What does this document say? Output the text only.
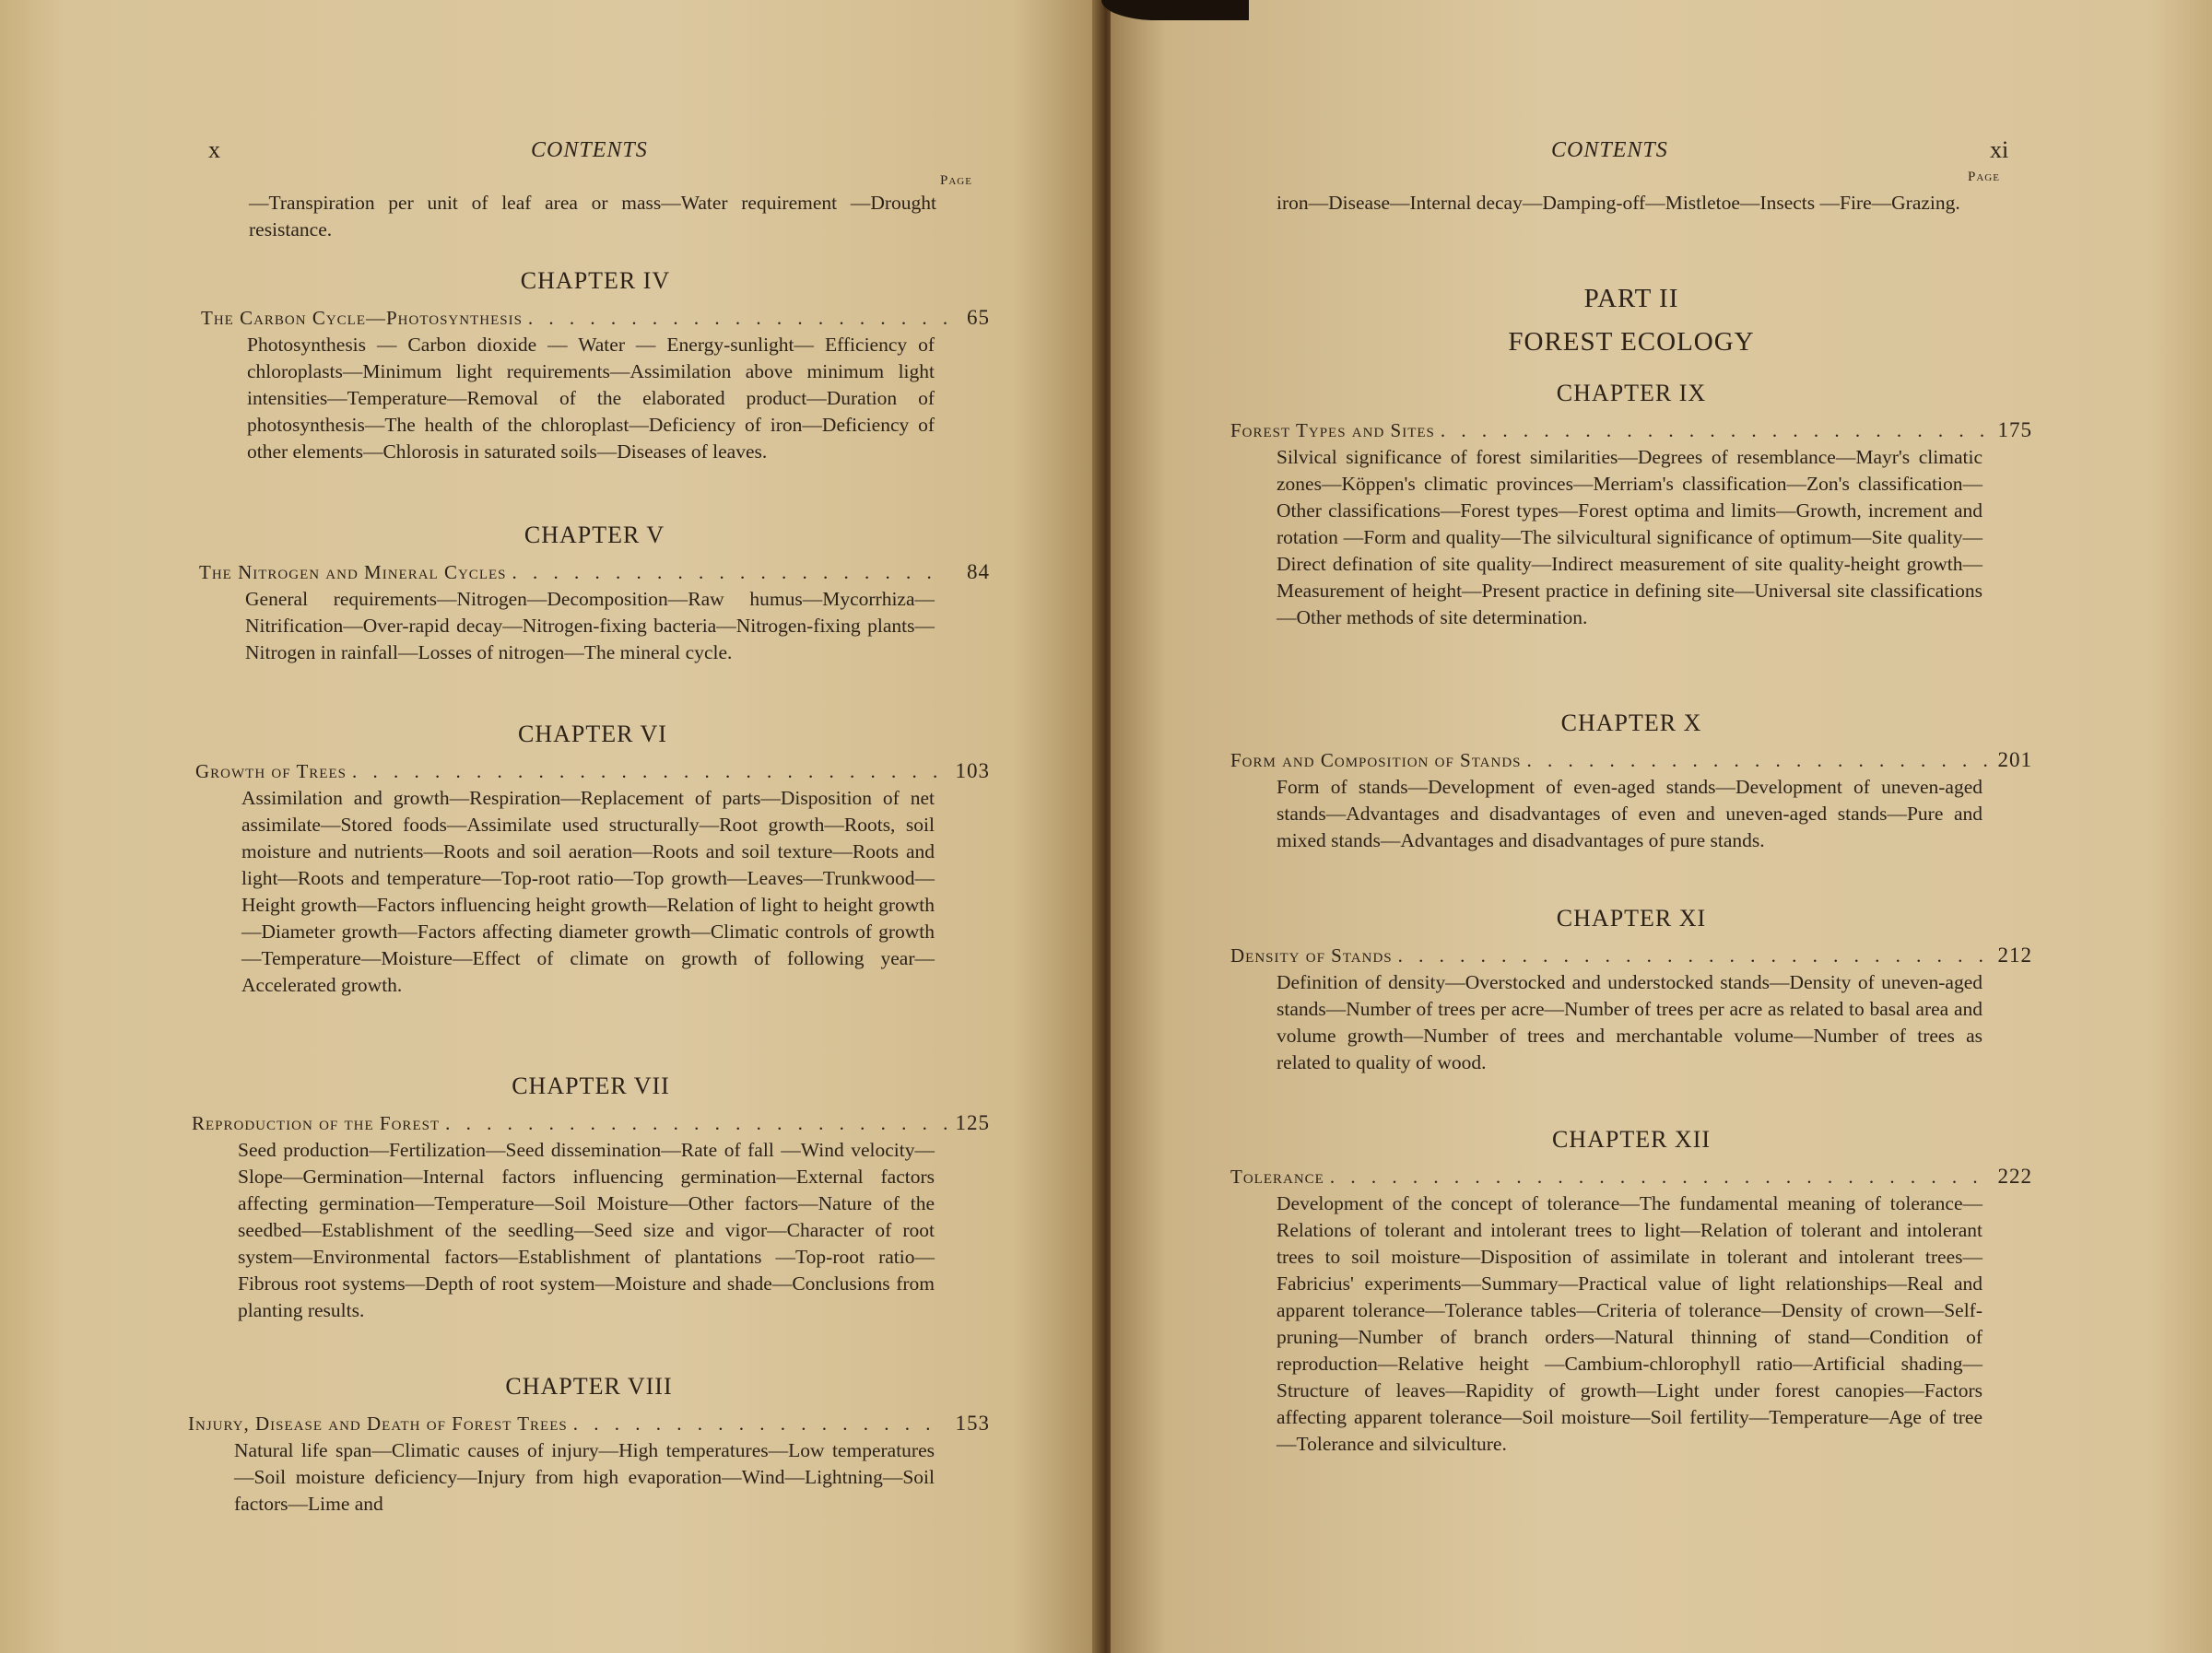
x	CONTENTS
Page

—Transpiration per unit of leaf area or mass—Water requirement —Drought resistance.

CHAPTER IV

The Carbon Cycle—Photosynthesis . . .	65

Photosynthesis — Carbon dioxide — Water — Energy-sunlight— Efficiency of chloroplasts—Minimum light requirements—Assimilation above minimum light intensities—Temperature—Removal of the elaborated product—Duration of photosynthesis—The health of the chloroplast—Deficiency of iron—Deficiency of other elements—Chlorosis in saturated soils—Diseases of leaves.

CHAPTER V

The Nitrogen and Mineral Cycles . . .	84

General requirements—Nitrogen—Decomposition—Raw humus—Mycorrhiza—Nitrification—Over-rapid decay—Nitrogen-fixing bacteria—Nitrogen-fixing plants—Nitrogen in rainfall—Losses of nitrogen—The mineral cycle.

CHAPTER VI

Growth of Trees . . .	103

Assimilation and growth—Respiration—Replacement of parts—Disposition of net assimilate—Stored foods—Assimilate used structurally—Root growth—Roots, soil moisture and nutrients—Roots and soil aeration—Roots and soil texture—Roots and light—Roots and temperature—Top-root ratio—Top growth—Leaves—Trunkwood—Height growth—Factors influencing height growth—Relation of light to height growth—Diameter growth—Factors affecting diameter growth—Climatic controls of growth—Temperature—Moisture—Effect of climate on growth of following year—Accelerated growth.

CHAPTER VII

Reproduction of the Forest . . .	125

Seed production—Fertilization—Seed dissemination—Rate of fall —Wind velocity—Slope—Germination—Internal factors influencing germination—External factors affecting germination—Temperature—Soil Moisture—Other factors—Nature of the seedbed—Establishment of the seedling—Seed size and vigor—Character of root system—Environmental factors—Establishment of plantations —Top-root ratio—Fibrous root systems—Depth of root system—Moisture and shade—Conclusions from planting results.

CHAPTER VIII

Injury, Disease and Death of Forest Trees . . .	153

Natural life span—Climatic causes of injury—High temperatures—Low temperatures—Soil moisture deficiency—Injury from high evaporation—Wind—Lightning—Soil factors—Lime and

CONTENTS	xi
Page

iron—Disease—Internal decay—Damping-off—Mistletoe—Insects —Fire—Grazing.

PART II

FOREST ECOLOGY

CHAPTER IX

Forest Types and Sites . . .	175

Silvical significance of forest similarities—Degrees of resemblance—Mayr's climatic zones—Köppen's climatic provinces—Merriam's classification—Zon's classification—Other classifications—Forest types—Forest optima and limits—Growth, increment and rotation —Form and quality—The silvicultural significance of optimum—Site quality—Direct defination of site quality—Indirect measurement of site quality-height growth—Measurement of height—Present practice in defining site—Universal site classifications—Other methods of site determination.

CHAPTER X

Form and Composition of Stands . . .	201

Form of stands—Development of even-aged stands—Development of uneven-aged stands—Advantages and disadvantages of even and uneven-aged stands—Pure and mixed stands—Advantages and disadvantages of pure stands.

CHAPTER XI

Density of Stands . . .	212

Definition of density—Overstocked and understocked stands—Density of uneven-aged stands—Number of trees per acre—Number of trees per acre as related to basal area and volume growth—Number of trees and merchantable volume—Number of trees as related to quality of wood.

CHAPTER XII

Tolerance . . .	222

Development of the concept of tolerance—The fundamental meaning of tolerance—Relations of tolerant and intolerant trees to light—Relation of tolerant and intolerant trees to soil moisture—Disposition of assimilate in tolerant and intolerant trees—Fabricius' experiments—Summary—Practical value of light relationships—Real and apparent tolerance—Tolerance tables—Criteria of tolerance—Density of crown—Self-pruning—Number of branch orders—Natural thinning of stand—Condition of reproduction—Relative height —Cambium-chlorophyll ratio—Artificial shading—Structure of leaves—Rapidity of growth—Light under forest canopies—Factors affecting apparent tolerance—Soil moisture—Soil fertility—Temperature—Age of tree—Tolerance and silviculture.
